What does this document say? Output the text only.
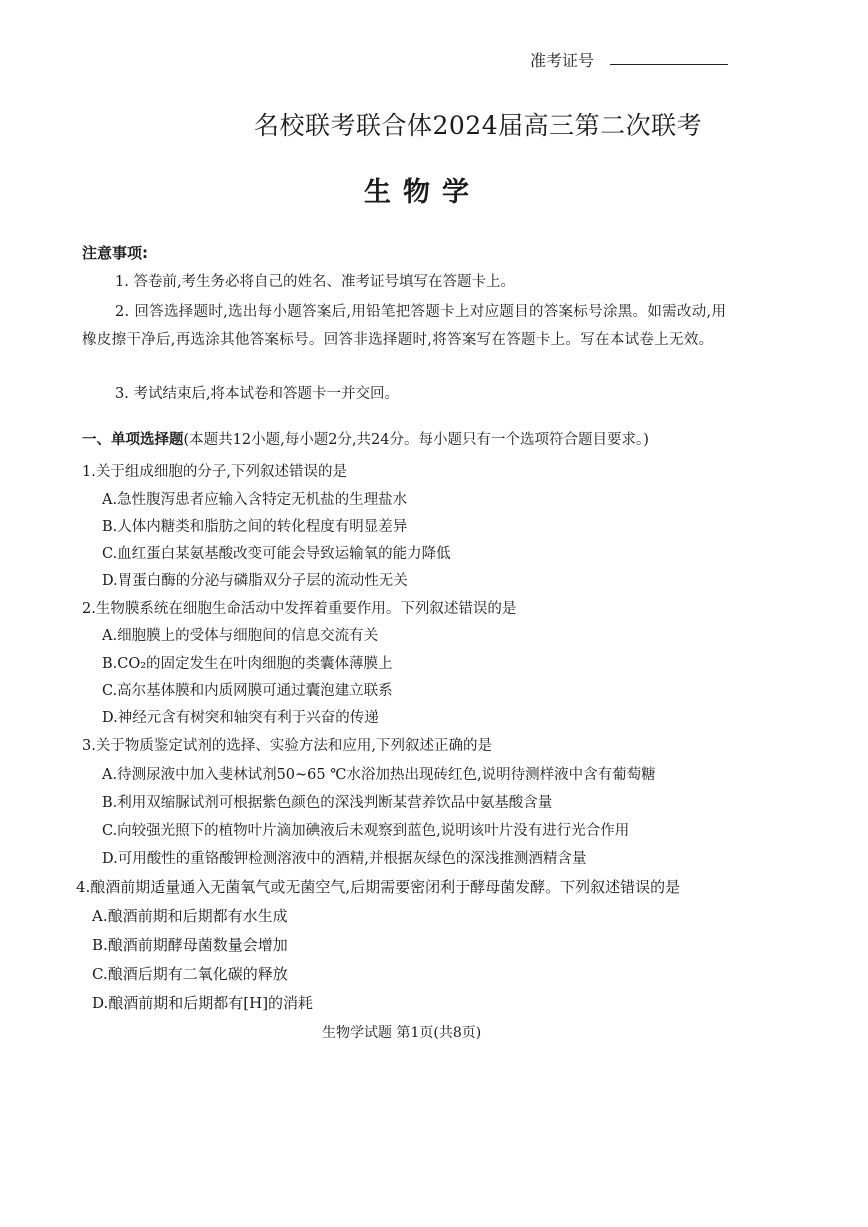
准考证号
名校联考联合体2024届高三第二次联考
生物学
注意事项:
1. 答卷前,考生务必将自己的姓名、准考证号填写在答题卡上。
2. 回答选择题时,选出每小题答案后,用铅笔把答题卡上对应题目的答案标号涂黑。如需改动,用橡皮擦干净后,再选涂其他答案标号。回答非选择题时,将答案写在答题卡上。写在本试卷上无效。
3. 考试结束后,将本试卷和答题卡一并交回。
一、单项选择题(本题共12小题,每小题2分,共24分。每小题只有一个选项符合题目要求。)
1.关于组成细胞的分子,下列叙述错误的是
A.急性腹泻患者应输入含特定无机盐的生理盐水
B.人体内糖类和脂肪之间的转化程度有明显差异
C.血红蛋白某氨基酸改变可能会导致运输氧的能力降低
D.胃蛋白酶的分泌与磷脂双分子层的流动性无关
2.生物膜系统在细胞生命活动中发挥着重要作用。下列叙述错误的是
A.细胞膜上的受体与细胞间的信息交流有关
B.CO₂的固定发生在叶肉细胞的类囊体薄膜上
C.高尔基体膜和内质网膜可通过囊泡建立联系
D.神经元含有树突和轴突有利于兴奋的传递
3.关于物质鉴定试剂的选择、实验方法和应用,下列叙述正确的是
A.待测尿液中加入斐林试剂50~65 ℃水浴加热出现砖红色,说明待测样液中含有葡萄糖
B.利用双缩脲试剂可根据紫色颜色的深浅判断某营养饮品中氨基酸含量
C.向较强光照下的植物叶片滴加碘液后未观察到蓝色,说明该叶片没有进行光合作用
D.可用酸性的重铬酸钾检测溶液中的酒精,并根据灰绿色的深浅推测酒精含量
4.酿酒前期适量通入无菌氧气或无菌空气,后期需要密闭利于酵母菌发酵。下列叙述错误的是
A.酿酒前期和后期都有水生成
B.酿酒前期酵母菌数量会增加
C.酿酒后期有二氧化碳的释放
D.酿酒前期和后期都有[H]的消耗
生物学试题 第1页(共8页)
